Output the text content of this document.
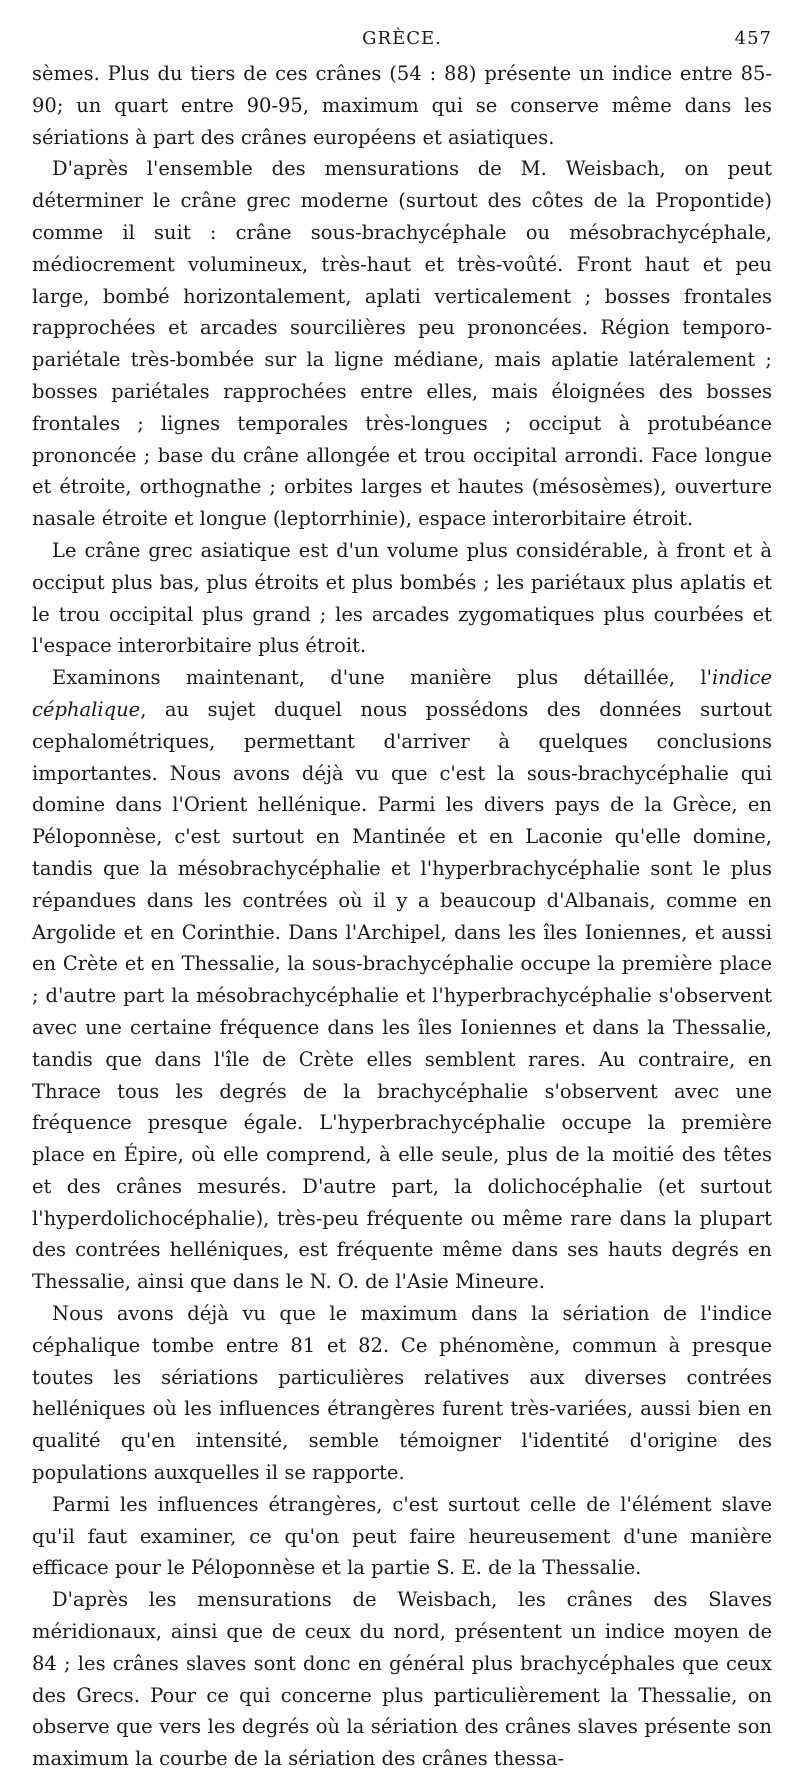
GRÈCE.	457

sèmes. Plus du tiers de ces crânes (54 : 88) présente un indice entre 85-90; un quart entre 90-95, maximum qui se conserve même dans les sériations à part des crânes européens et asiatiques.

D'après l'ensemble des mensurations de M. Weisbach, on peut déterminer le crâne grec moderne (surtout des côtes de la Propontide) comme il suit : crâne sous-brachycéphale ou mésobrachycéphale, médiocrement volumineux, très-haut et très-voûté. Front haut et peu large, bombé horizontalement, aplati verticalement ; bosses frontales rapprochées et arcades sourcilières peu prononcées. Région temporo-pariétale très-bombée sur la ligne médiane, mais aplatie latéralement ; bosses pariétales rapprochées entre elles, mais éloignées des bosses frontales ; lignes temporales très-longues ; occiput à protubéance prononcée ; base du crâne allongée et trou occipital arrondi. Face longue et étroite, orthognathe ; orbites larges et hautes (mésosèmes), ouverture nasale étroite et longue (leptorrhinie), espace interorbitaire étroit.

Le crâne grec asiatique est d'un volume plus considérable, à front et à occiput plus bas, plus étroits et plus bombés ; les pariétaux plus aplatis et le trou occipital plus grand ; les arcades zygomatiques plus courbées et l'espace interorbitaire plus étroit.

Examinons maintenant, d'une manière plus détaillée, l'indice céphalique, au sujet duquel nous possédons des données surtout cephalométriques, permettant d'arriver à quelques conclusions importantes. Nous avons déjà vu que c'est la sous-brachycéphalie qui domine dans l'Orient hellénique. Parmi les divers pays de la Grèce, en Péloponnèse, c'est surtout en Mantinée et en Laconie qu'elle domine, tandis que la mésobrachycéphalie et l'hyperbrachycéphalie sont le plus répandues dans les contrées où il y a beaucoup d'Albanais, comme en Argolide et en Corinthie. Dans l'Archipel, dans les îles Ioniennes, et aussi en Crète et en Thessalie, la sous-brachycéphalie occupe la première place ; d'autre part la mésobrachycéphalie et l'hyperbrachycéphalie s'observent avec une certaine fréquence dans les îles Ioniennes et dans la Thessalie, tandis que dans l'île de Crète elles semblent rares. Au contraire, en Thrace tous les degrés de la brachycéphalie s'observent avec une fréquence presque égale. L'hyperbrachycéphalie occupe la première place en Épire, où elle comprend, à elle seule, plus de la moitié des têtes et des crânes mesurés. D'autre part, la dolichocéphalie (et surtout l'hyperdolichocéphalie), très-peu fréquente ou même rare dans la plupart des contrées helléniques, est fréquente même dans ses hauts degrés en Thessalie, ainsi que dans le N. O. de l'Asie Mineure.

Nous avons déjà vu que le maximum dans la sériation de l'indice céphalique tombe entre 81 et 82. Ce phénomène, commun à presque toutes les sériations particulières relatives aux diverses contrées helléniques où les influences étrangères furent très-variées, aussi bien en qualité qu'en intensité, semble témoigner l'identité d'origine des populations auxquelles il se rapporte.

Parmi les influences étrangères, c'est surtout celle de l'élément slave qu'il faut examiner, ce qu'on peut faire heureusement d'une manière efficace pour le Péloponnèse et la partie S. E. de la Thessalie.

D'après les mensurations de Weisbach, les crânes des Slaves méridionaux, ainsi que de ceux du nord, présentent un indice moyen de 84 ; les crânes slaves sont donc en général plus brachycéphales que ceux des Grecs. Pour ce qui concerne plus particulièrement la Thessalie, on observe que vers les degrés où la sériation des crânes slaves présente son maximum la courbe de la sériation des crânes thessa-
